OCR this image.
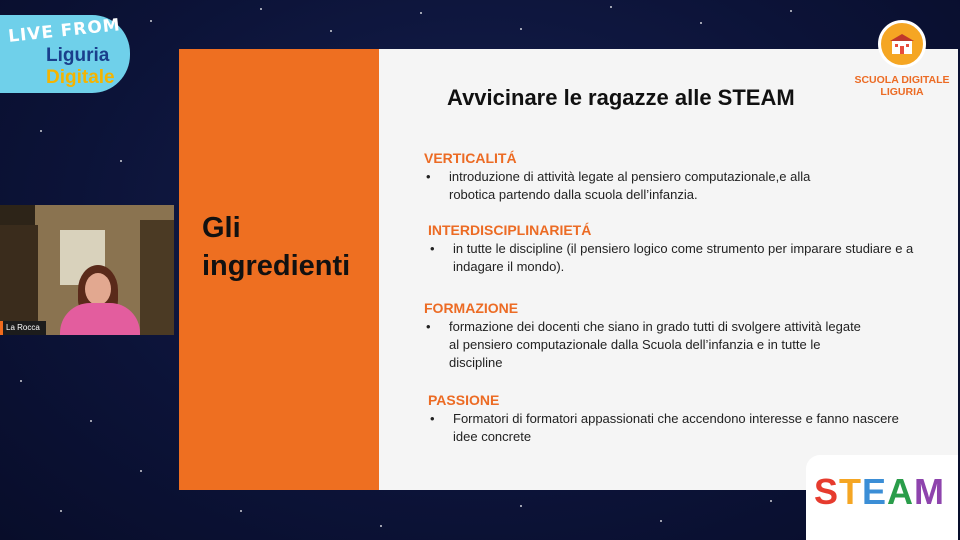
LIVE FROM
Liguria
Digitale
La Rocca
Gli
ingredienti
Avvicinare le ragazze alle STEAM
VERTICALITÁ
• introduzione di attività legate al pensiero computazionale,e alla robotica partendo dalla scuola dell’infanzia.
INTERDISCIPLINARIETÁ
• in tutte le discipline (il pensiero logico come strumento per imparare studiare e a indagare il mondo).
FORMAZIONE
• formazione dei docenti che siano in grado tutti di svolgere attività legate al pensiero computazionale dalla Scuola dell’infanzia e in tutte le discipline
PASSIONE
• Formatori di formatori appassionati che accendono interesse e fanno nascere idee concrete
SCUOLA DIGITALE
LIGURIA
STEAM
